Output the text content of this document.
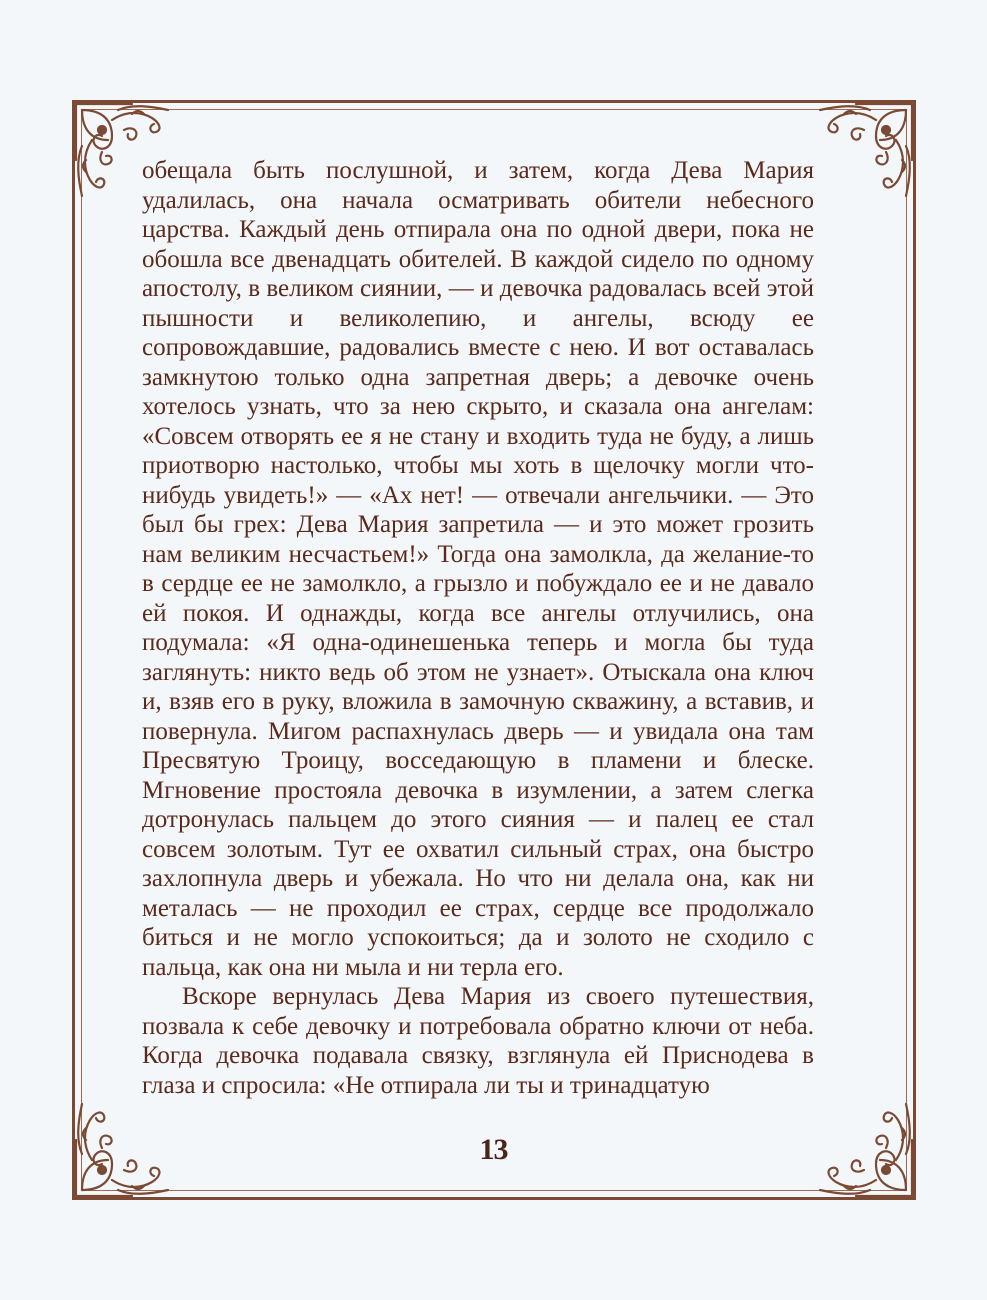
обещала быть послушной, и затем, когда Дева Мария удалилась, она начала осматривать обители небесного царства. Каждый день отпирала она по одной двери, пока не обошла все двенадцать обителей. В каждой сидело по одному апостолу, в великом сиянии, — и девочка радовалась всей этой пышности и великолепию, и ангелы, всюду ее сопровождавшие, радовались вместе с нею. И вот оставалась замкнутою только одна запретная дверь; а девочке очень хотелось узнать, что за нею скрыто, и сказала она ангелам: «Совсем отворять ее я не стану и входить туда не буду, а лишь приотворю настолько, чтобы мы хоть в щелочку могли что-нибудь увидеть!» — «Ах нет! — отвечали ангельчики. — Это был бы грех: Дева Мария запретила — и это может грозить нам великим несчастьем!» Тогда она замолкла, да желание-то в сердце ее не замолкло, а грызло и побуждало ее и не давало ей покоя. И однажды, когда все ангелы отлучились, она подумала: «Я одна-одинешенька теперь и могла бы туда заглянуть: никто ведь об этом не узнает». Отыскала она ключ и, взяв его в руку, вложила в замочную скважину, а вставив, и повернула. Мигом распахнулась дверь — и увидала она там Пресвятую Троицу, восседающую в пламени и блеске. Мгновение простояла девочка в изумлении, а затем слегка дотронулась пальцем до этого сияния — и палец ее стал совсем золотым. Тут ее охватил сильный страх, она быстро захлопнула дверь и убежала. Но что ни делала она, как ни металась — не проходил ее страх, сердце все продолжало биться и не могло успокоиться; да и золото не сходило с пальца, как она ни мыла и ни терла его.

Вскоре вернулась Дева Мария из своего путешествия, позвала к себе девочку и потребовала обратно ключи от неба. Когда девочка подавала связку, взглянула ей Приснодева в глаза и спросила: «Не отпирала ли ты и тринадцатую

13
